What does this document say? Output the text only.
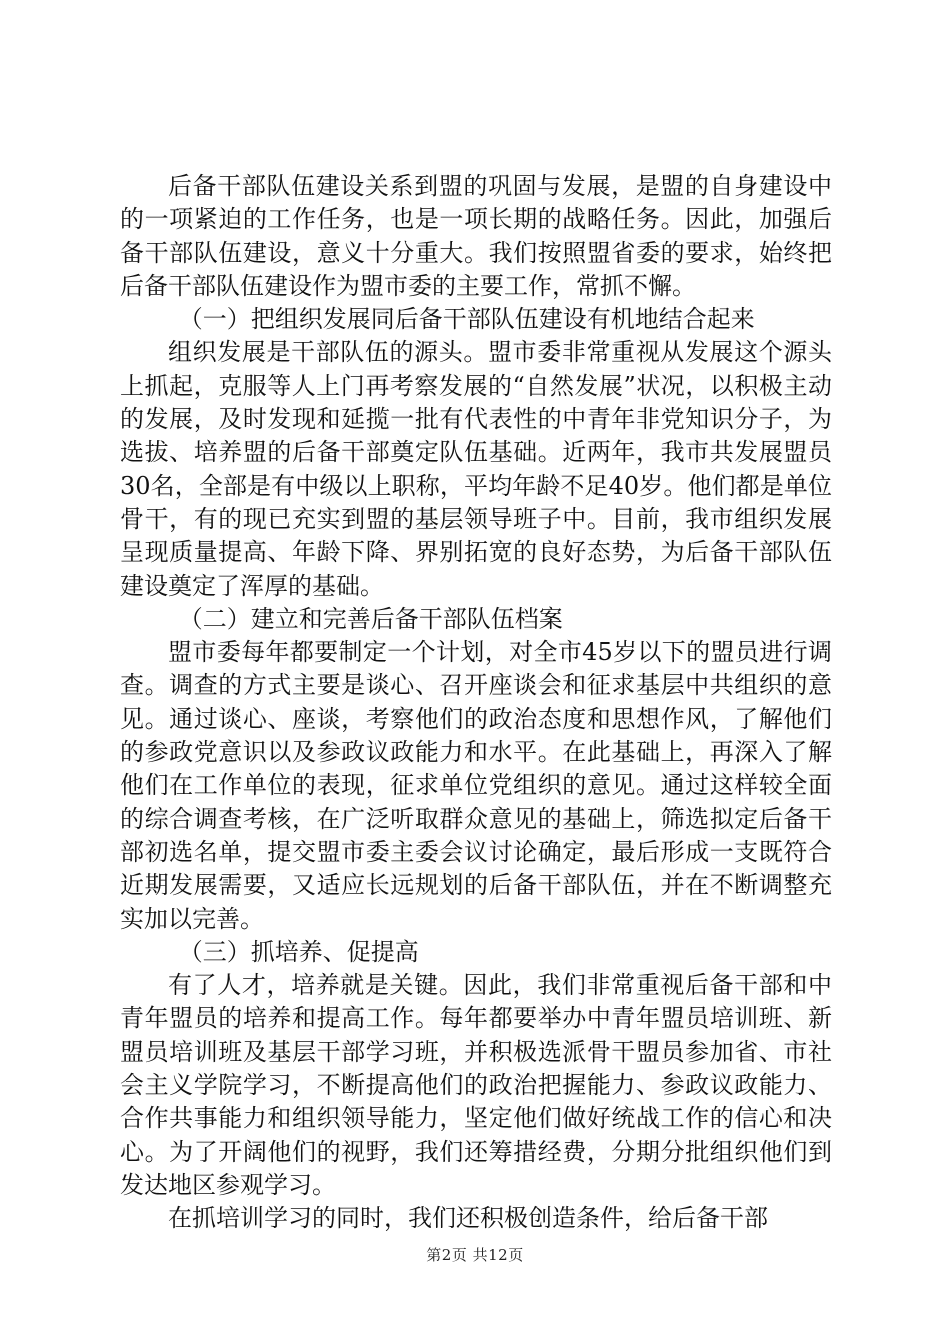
后备干部队伍建设关系到盟的巩固与发展，是盟的自身建设中的一项紧迫的工作任务，也是一项长期的战略任务。因此，加强后备干部队伍建设，意义十分重大。我们按照盟省委的要求，始终把后备干部队伍建设作为盟市委的主要工作，常抓不懈。

（一）把组织发展同后备干部队伍建设有机地结合起来

组织发展是干部队伍的源头。盟市委非常重视从发展这个源头上抓起，克服等人上门再考察发展的“自然发展”状况，以积极主动的发展，及时发现和延揽一批有代表性的中青年非党知识分子，为选拔、培养盟的后备干部奠定队伍基础。近两年，我市共发展盟员30名，全部是有中级以上职称，平均年龄不足40岁。他们都是单位骨干，有的现已充实到盟的基层领导班子中。目前，我市组织发展呈现质量提高、年龄下降、界别拓宽的良好态势，为后备干部队伍建设奠定了浑厚的基础。

（二）建立和完善后备干部队伍档案

盟市委每年都要制定一个计划，对全市45岁以下的盟员进行调查。调查的方式主要是谈心、召开座谈会和征求基层中共组织的意见。通过谈心、座谈，考察他们的政治态度和思想作风，了解他们的参政党意识以及参政议政能力和水平。在此基础上，再深入了解他们在工作单位的表现，征求单位党组织的意见。通过这样较全面的综合调查考核，在广泛听取群众意见的基础上，筛选拟定后备干部初选名单，提交盟市委主委会议讨论确定，最后形成一支既符合近期发展需要，又适应长远规划的后备干部队伍，并在不断调整充实加以完善。

（三）抓培养、促提高

有了人才，培养就是关键。因此，我们非常重视后备干部和中青年盟员的培养和提高工作。每年都要举办中青年盟员培训班、新盟员培训班及基层干部学习班，并积极选派骨干盟员参加省、市社会主义学院学习，不断提高他们的政治把握能力、参政议政能力、合作共事能力和组织领导能力，坚定他们做好统战工作的信心和决心。为了开阔他们的视野，我们还筹措经费，分期分批组织他们到发达地区参观学习。

在抓培训学习的同时，我们还积极创造条件，给后备干部

第2页 共12页
